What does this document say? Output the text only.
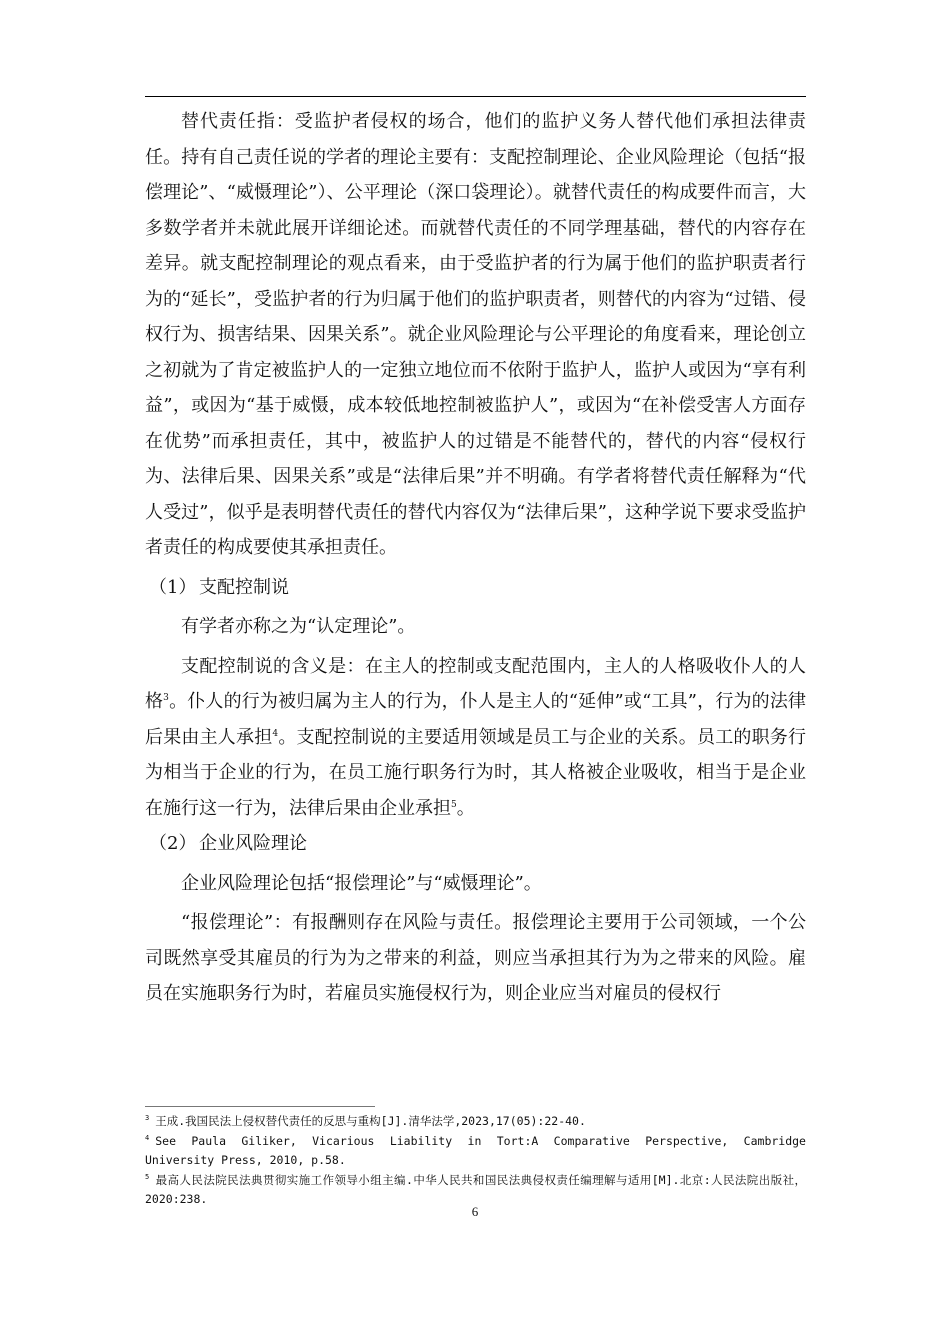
替代责任指：受监护者侵权的场合，他们的监护义务人替代他们承担法律责任。持有自己责任说的学者的理论主要有：支配控制理论、企业风险理论（包括“报偿理论”、“威慑理论”）、公平理论（深口袋理论）。就替代责任的构成要件而言，大多数学者并未就此展开详细论述。而就替代责任的不同学理基础，替代的内容存在差异。就支配控制理论的观点看来，由于受监护者的行为属于他们的监护职责者行为的“延长”，受监护者的行为归属于他们的监护职责者，则替代的内容为“过错、侵权行为、损害结果、因果关系”。就企业风险理论与公平理论的角度看来，理论创立之初就为了肯定被监护人的一定独立地位而不依附于监护人，监护人或因为“享有利益”，或因为“基于威慑，成本较低地控制被监护人”，或因为“在补偿受害人方面存在优势”而承担责任，其中，被监护人的过错是不能替代的，替代的内容“侵权行为、法律后果、因果关系”或是“法律后果”并不明确。有学者将替代责任解释为“代人受过”，似乎是表明替代责任的替代内容仅为“法律后果”，这种学说下要求受监护者责任的构成要使其承担责任。

（1） 支配控制说

有学者亦称之为“认定理论”。

支配控制说的含义是：在主人的控制或支配范围内，主人的人格吸收仆人的人格$^3$。仆人的行为被归属为主人的行为，仆人是主人的“延伸”或“工具”，行为的法律后果由主人承担$^4$。支配控制说的主要适用领域是员工与企业的关系。员工的职务行为相当于企业的行为，在员工施行职务行为时，其人格被企业吸收，相当于是企业在施行这一行为，法律后果由企业承担$^5$。

（2） 企业风险理论

企业风险理论包括“报偿理论”与“威慑理论”。

“报偿理论”：有报酬则存在风险与责任。报偿理论主要用于公司领域，一个公司既然享受其雇员的行为为之带来的利益，则应当承担其行为为之带来的风险。雇员在实施职务行为时，若雇员实施侵权行为，则企业应当对雇员的侵权行

$^3$ 王成.我国民法上侵权替代责任的反思与重构[J].清华法学,2023,17(05):22-40.

$^4$ See Paula Giliker, Vicarious Liability in Tort:A Comparative Perspective, Cambridge University Press, 2010, p.58.

$^5$ 最高人民法院民法典贯彻实施工作领导小组主编.中华人民共和国民法典侵权责任编理解与适用[M].北京:人民法院出版社，2020:238.

6
